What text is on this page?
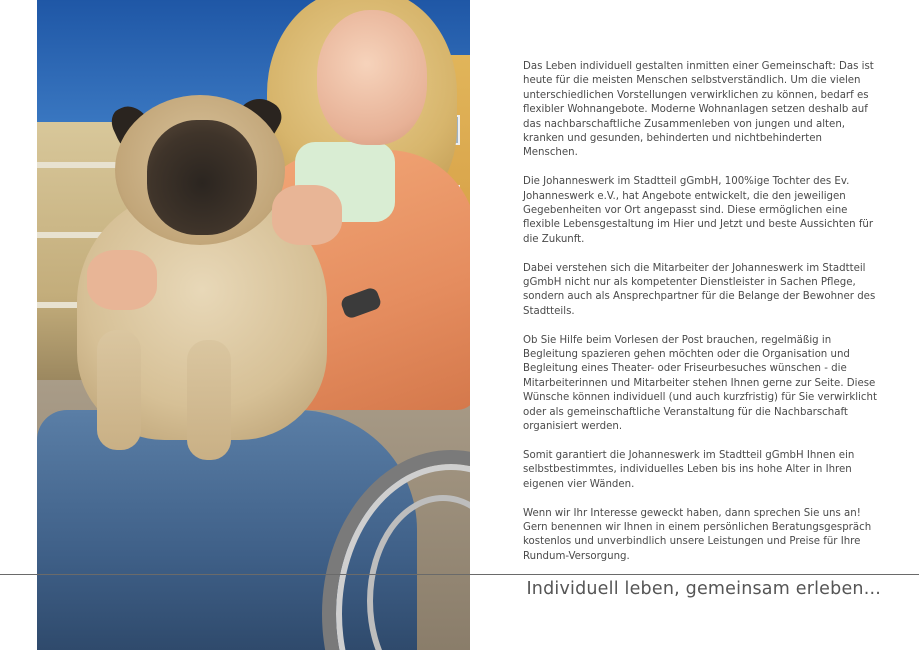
Das Leben individuell gestalten inmitten einer Gemeinschaft: Das ist heute für die meisten Menschen selbstverständlich. Um die vielen unterschiedlichen Vorstellungen verwirklichen zu können, bedarf es flexibler Wohnangebote. Moderne Wohnanlagen setzen deshalb auf das nachbarschaftliche Zusammenleben von jungen und alten, kranken und gesunden, behinderten und nichtbehinderten Menschen.

Die Johanneswerk im Stadtteil gGmbH, 100%ige Tochter des Ev. Johanneswerk e.V., hat Angebote entwickelt, die den jeweiligen Gegebenheiten vor Ort angepasst sind. Diese ermöglichen eine flexible Lebensgestaltung im Hier und Jetzt und beste Aussichten für die Zukunft.

Dabei verstehen sich die Mitarbeiter der Johanneswerk im Stadtteil gGmbH nicht nur als kompetenter Dienstleister in Sachen Pflege, sondern auch als Ansprechpartner für die Belange der Bewohner des Stadtteils.

Ob Sie Hilfe beim Vorlesen der Post brauchen, regelmäßig in Begleitung spazieren gehen möchten oder die Organisation und Begleitung eines Theater- oder Friseurbesuches wünschen - die Mitarbeiterinnen und Mitarbeiter stehen Ihnen gerne zur Seite. Diese Wünsche können individuell (und auch kurzfristig) für Sie verwirklicht oder als gemeinschaftliche Veranstaltung für die Nachbarschaft organisiert werden.

Somit garantiert die Johanneswerk im Stadtteil gGmbH Ihnen ein selbstbestimmtes, individuelles Leben bis ins hohe Alter in Ihren eigenen vier Wänden.

Wenn wir Ihr Interesse geweckt haben, dann sprechen Sie uns an! Gern benennen wir Ihnen in einem persönlichen Beratungsgespräch kostenlos und unverbindlich unsere Leistungen und Preise für Ihre Rundum-Versorgung.

Individuell leben, gemeinsam erleben...
